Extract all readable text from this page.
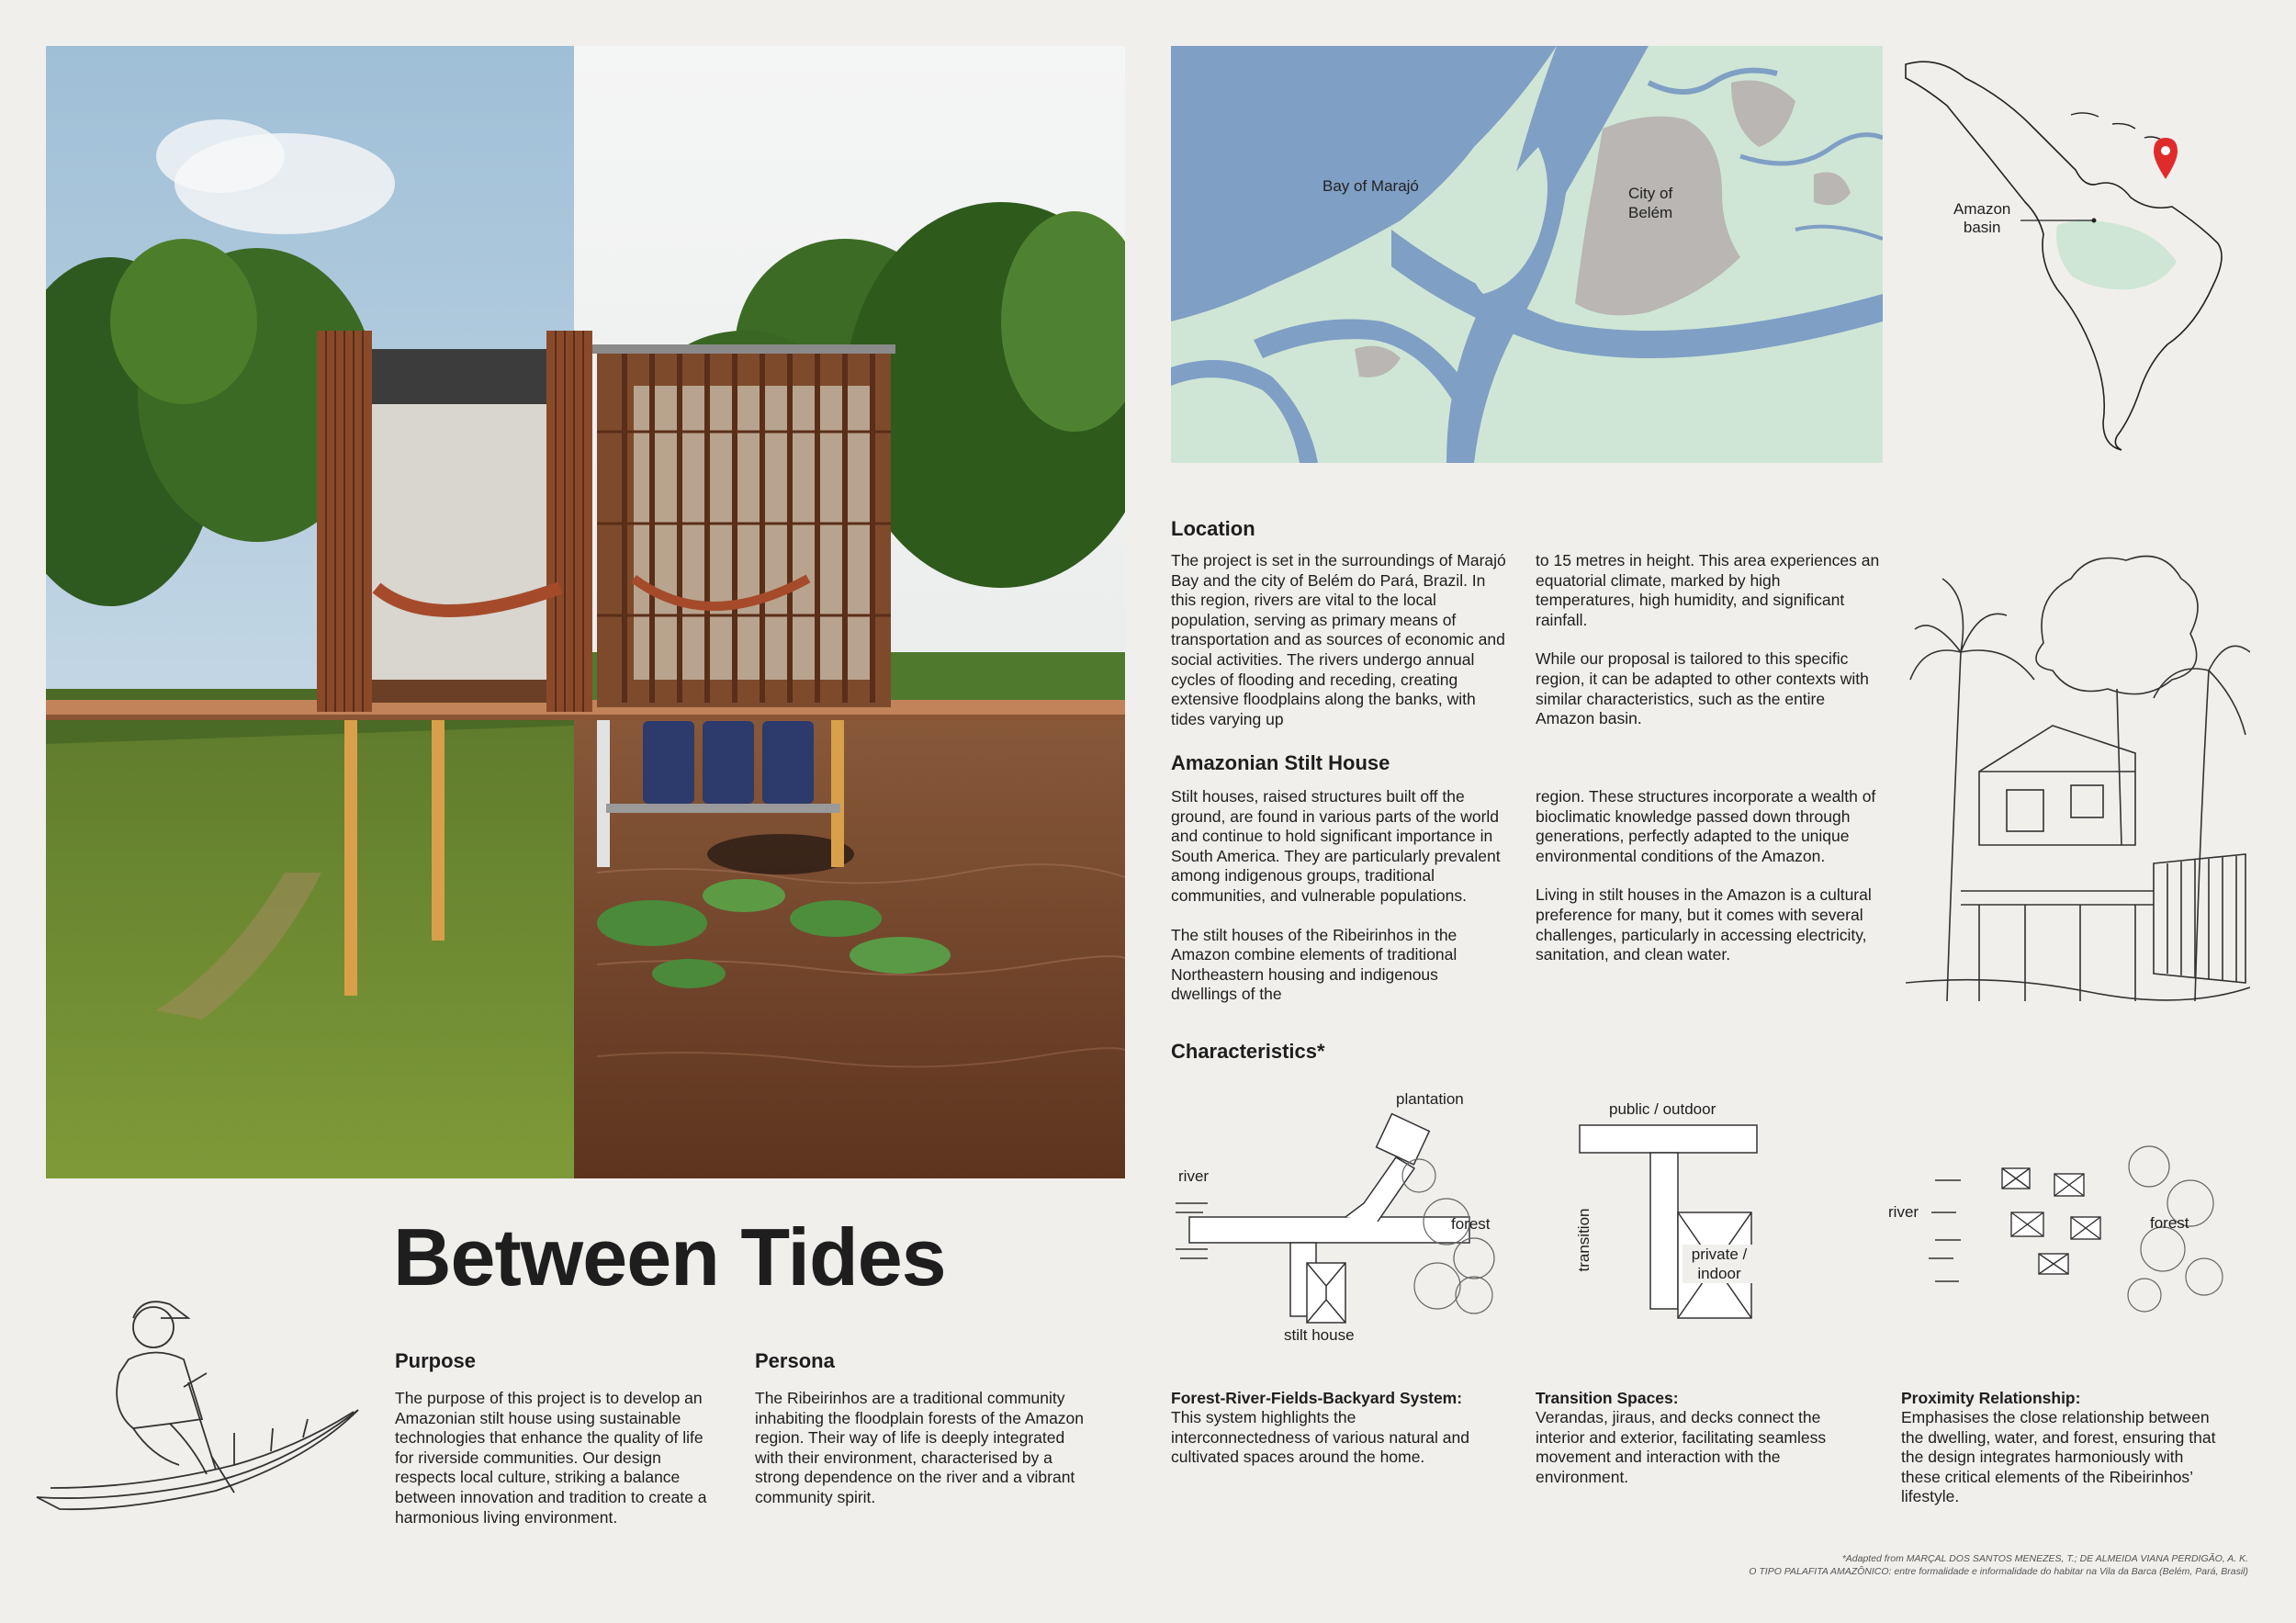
Bay of Marajó	City of
Belém	Amazon
basin
Location

The project is set in the surroundings of Marajó Bay and the city of Belém do Pará, Brazil. In this region, rivers are vital to the local population, serving as primary means of transportation and as sources of economic and social activities. The rivers undergo annual cycles of flooding and receding, creating extensive floodplains along the banks, with tides varying up

to 15 metres in height. This area experiences an equatorial climate, marked by high temperatures, high humidity, and significant rainfall.

While our proposal is tailored to this specific region, it can be adapted to other contexts with similar characteristics, such as the entire Amazon basin.

Amazonian Stilt House

Stilt houses, raised structures built off the ground, are found in various parts of the world and continue to hold significant importance in South America. They are particularly prevalent among indigenous groups, traditional communities, and vulnerable populations.

The stilt houses of the Ribeirinhos in the Amazon combine elements of traditional Northeastern housing and indigenous dwellings of the

region. These structures incorporate a wealth of bioclimatic knowledge passed down through generations, perfectly adapted to the unique environmental conditions of the Amazon.

Living in stilt houses in the Amazon is a cultural preference for many, but it comes with several challenges, particularly in accessing electricity, sanitation, and clean water.

Characteristics*
plantation
river
forest
stilt house
public / outdoor
transition	private /
indoor
river
forest
Forest-River-Fields-Backyard System:

This system highlights the interconnectedness of various natural and cultivated spaces around the home.

Transition Spaces:

Verandas, jiraus, and decks connect the interior and exterior, facilitating seamless movement and interaction with the environment.

Proximity Relationship:

Emphasises the close relationship between the dwelling, water, and forest, ensuring that the design integrates harmoniously with these critical elements of the Ribeirinhos’ lifestyle.

Between Tides
Purpose

The purpose of this project is to develop an Amazonian stilt house using sustainable technologies that enhance the quality of life for riverside communities. Our design respects local culture, striking a balance between innovation and tradition to create a harmonious living environment.

Persona

The Ribeirinhos are a traditional community inhabiting the floodplain forests of the Amazon region. Their way of life is deeply integrated with their environment, characterised by a strong dependence on the river and a vibrant community spirit.

*Adapted from MARÇAL DOS SANTOS MENEZES, T.; DE ALMEIDA VIANA PERDIGÃO, A. K.
O TIPO PALAFITA AMAZÔNICO: entre formalidade e informalidade do habitar na Vila da Barca (Belém, Pará, Brasil)
